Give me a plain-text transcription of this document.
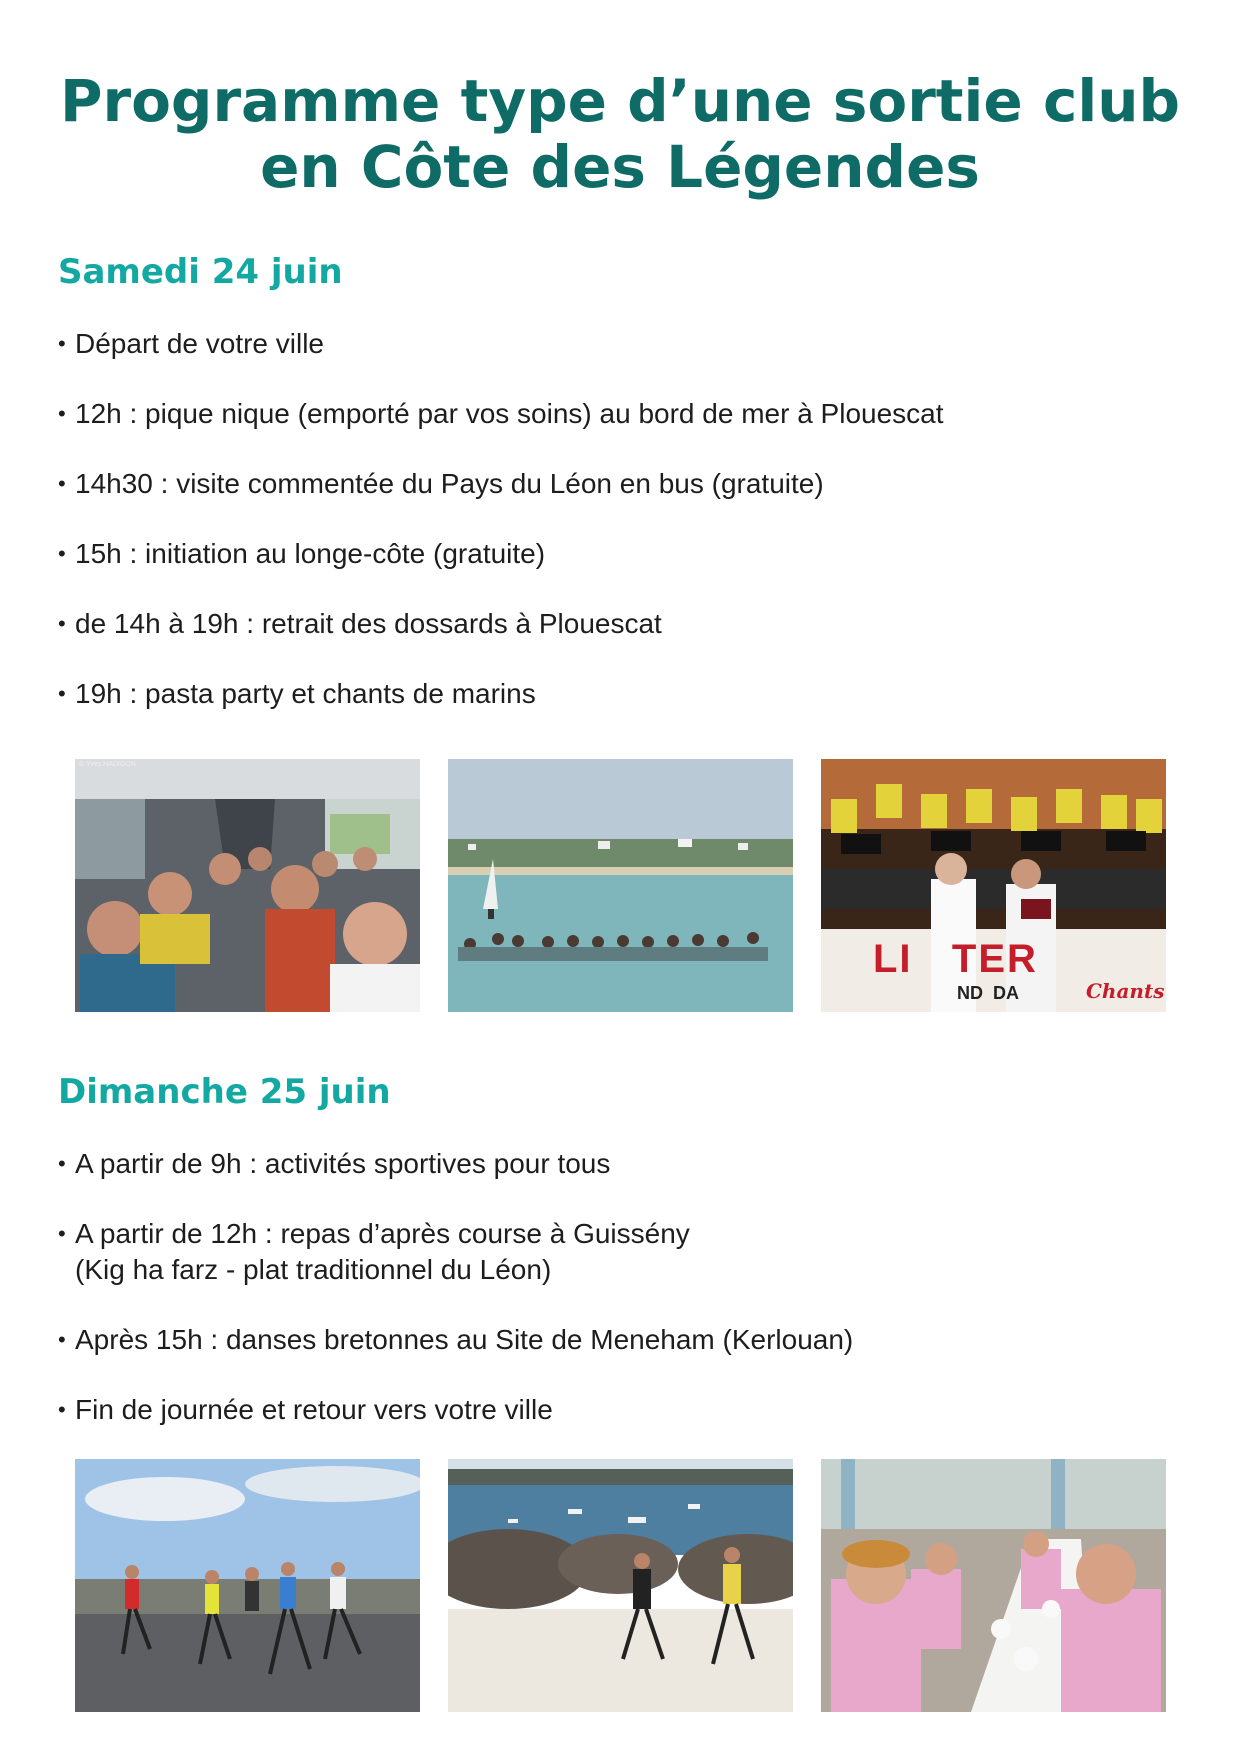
Programme type d’une sortie club
en Côte des Légendes
Samedi 24 juin
• Départ de votre ville
• 12h : pique nique (emporté par vos soins) au bord de mer à Plouescat
• 14h30 : visite commentée du Pays du Léon en bus (gratuite)
• 15h : initiation au longe-côte (gratuite)
• de 14h à 19h : retrait des dossards à Plouescat
• 19h : pasta party et chants de marins
© Yves HADIGON
LI   TER
ND  DA	Chants
Dimanche 25 juin
• A partir de 9h : activités sportives pour tous
• A partir de 12h : repas d’après course à Guissény
(Kig ha farz - plat traditionnel du Léon)
• Après 15h : danses bretonnes au Site de Meneham (Kerlouan)
• Fin de journée et retour vers votre ville
